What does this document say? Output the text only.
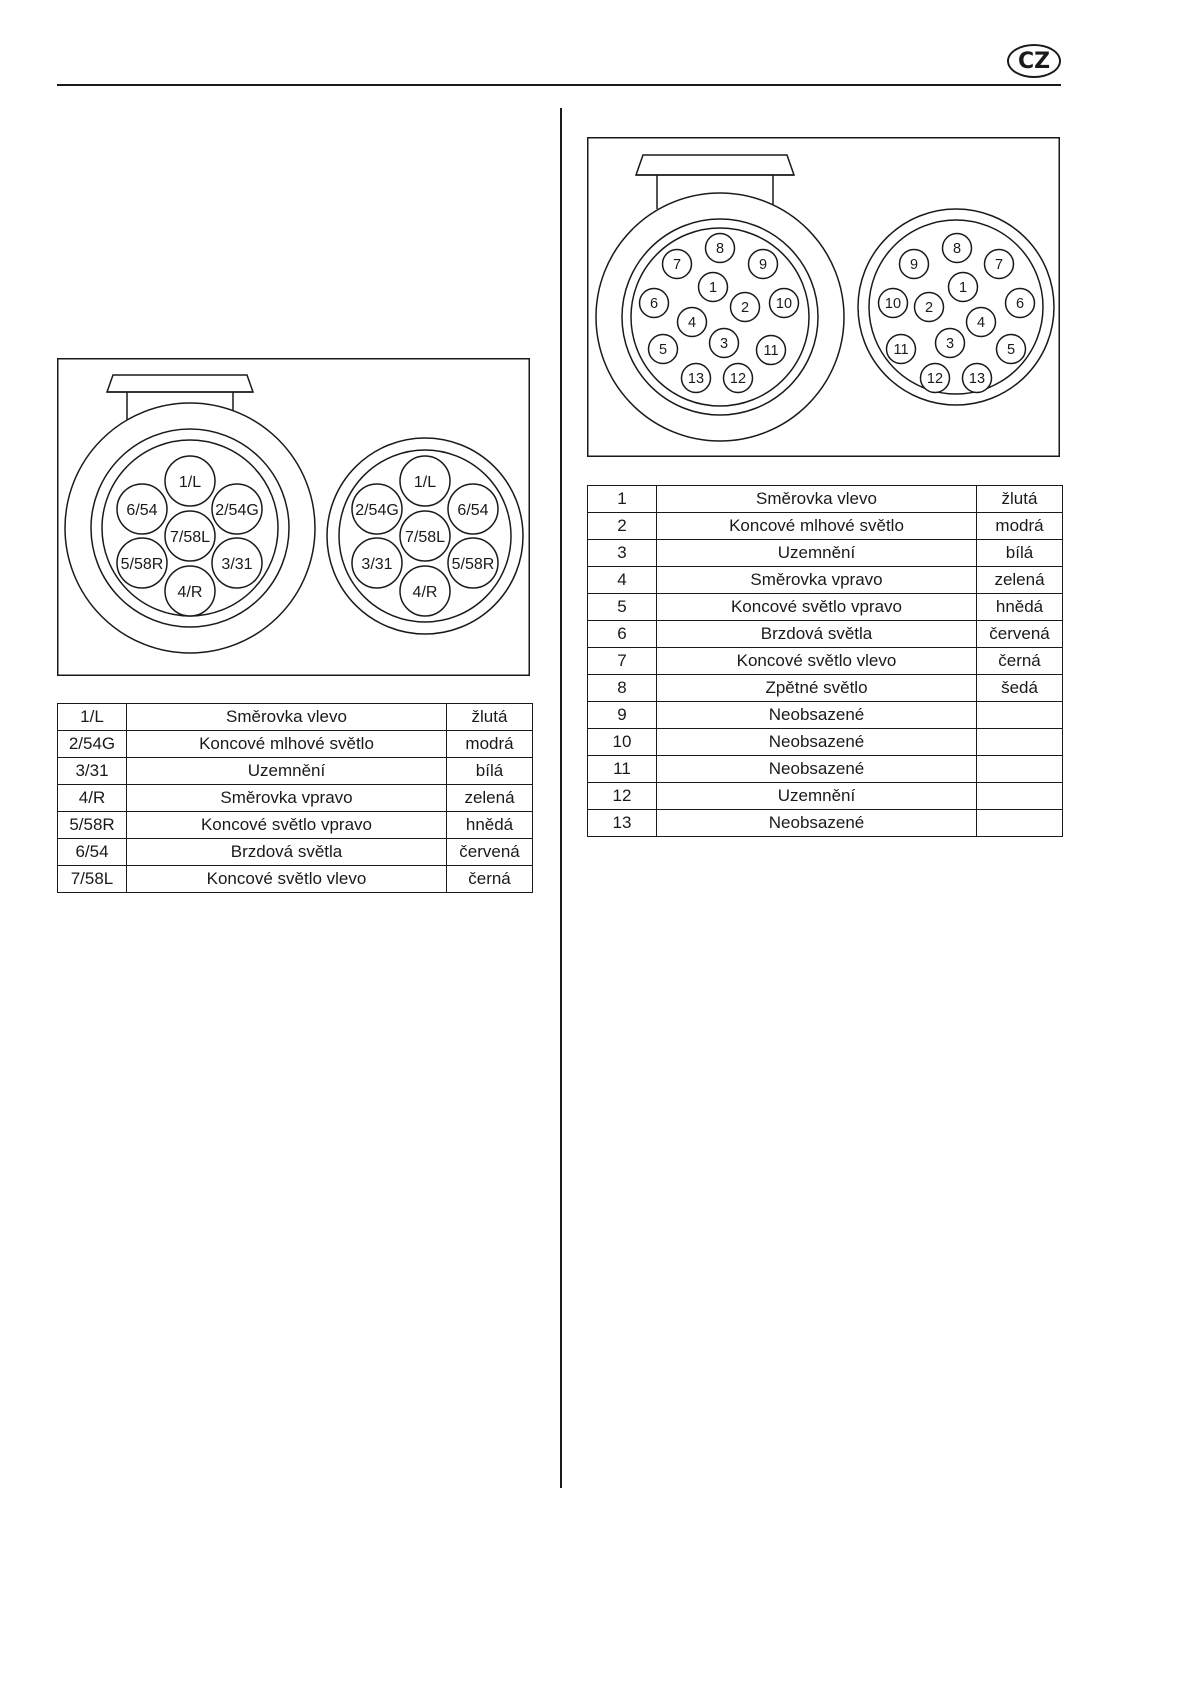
CZ
1/L
6/54	2/54G
7/58L
5/58R	3/31
4/R
1/L
2/54G	6/54
7/58L
3/31	5/58R
4/R
1/L	Směrovka vlevo	žlutá
2/54G	Koncové mlhové světlo	modrá
3/31	Uzemnění	bílá
4/R	Směrovka vpravo	zelená
5/58R	Koncové světlo vpravo	hnědá
6/54	Brzdová světla	červená
7/58L	Koncové světlo vlevo	černá
8
7	9
1
6	2 10
4
3
5	11
13 12
8
9	7
1
10 2	6
4
3
11	5
12 13
1	Směrovka vlevo	žlutá
2	Koncové mlhové světlo	modrá
3	Uzemnění	bílá
4	Směrovka vpravo	zelená
5	Koncové světlo vpravo	hnědá
6	Brzdová světla	červená
7	Koncové světlo vlevo	černá
8	Zpětné světlo	šedá
9	Neobsazené	
10	Neobsazené	
11	Neobsazené	
12	Uzemnění	
13	Neobsazené	
